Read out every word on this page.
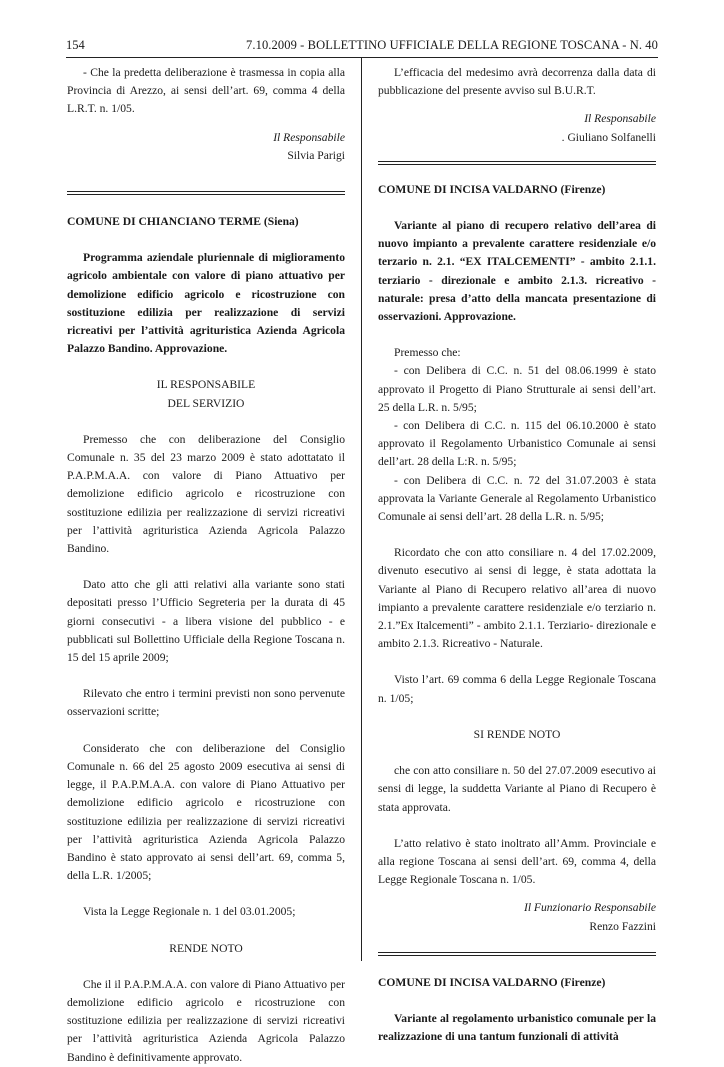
154	7.10.2009 - BOLLETTINO UFFICIALE DELLA REGIONE TOSCANA - N. 40

- Che la predetta deliberazione è trasmessa in copia alla Provincia di Arezzo, ai sensi dell’art. 69, comma 4 della L.R.T. n. 1/05.

Il Responsabile

Silvia Parigi

COMUNE DI CHIANCIANO TERME (Siena)

Programma aziendale pluriennale di miglioramento agricolo ambientale con valore di piano attuativo per demolizione edificio agricolo e ricostruzione con sostituzione edilizia per realizzazione di servizi ricreativi per l’attività agrituristica Azienda Agricola Palazzo Bandino. Approvazione.

IL RESPONSABILE

DEL SERVIZIO

Premesso che con deliberazione del Consiglio Comunale n. 35 del 23 marzo 2009 è stato adottatato il P.A.P.M.A.A. con valore di Piano Attuativo per demolizione edificio agricolo e ricostruzione con sostituzione edilizia per realizzazione di servizi ricreativi per l’attività agrituristica Azienda Agricola Palazzo Bandino.

Dato atto che gli atti relativi alla variante sono stati depositati presso l’Ufficio Segreteria per la durata di 45 giorni consecutivi - a libera visione del pubblico - e pubblicati sul Bollettino Ufficiale della Regione Toscana n. 15 del 15 aprile 2009;

Rilevato che entro i termini previsti non sono pervenute osservazioni scritte;

Considerato che con deliberazione del Consiglio Comunale n. 66 del 25 agosto 2009 esecutiva ai sensi di legge, il P.A.P.M.A.A. con valore di Piano Attuativo per demolizione edificio agricolo e ricostruzione con sostituzione edilizia per realizzazione di servizi ricreativi per l’attività agrituristica Azienda Agricola Palazzo Bandino è stato approvato ai sensi dell’art. 69, comma 5, della L.R. 1/2005;

Vista la Legge Regionale n. 1 del 03.01.2005;

RENDE NOTO

Che il il P.A.P.M.A.A. con valore di Piano Attuativo per demolizione edificio agricolo e ricostruzione con sostituzione edilizia per realizzazione di servizi ricreativi per l’attività agrituristica Azienda Agricola Palazzo Bandino è definitivamente approvato.

L’efficacia del medesimo avrà decorrenza dalla data di pubblicazione del presente avviso sul B.U.R.T.

Il Responsabile

. Giuliano Solfanelli

COMUNE DI INCISA VALDARNO (Firenze)

Variante al piano di recupero relativo dell’area di nuovo impianto a prevalente carattere residenziale e/o terzario n. 2.1. “EX ITALCEMENTI” - ambito 2.1.1. terziario - direzionale e ambito 2.1.3. ricreativo - naturale: presa d’atto della mancata presentazione di osservazioni. Approvazione.

Premesso che:

- con Delibera di C.C. n. 51 del 08.06.1999 è stato approvato il Progetto di Piano Strutturale ai sensi dell’art. 25 della L.R. n. 5/95;

- con Delibera di C.C. n. 115 del 06.10.2000 è stato approvato il Regolamento Urbanistico Comunale ai sensi dell’art. 28 della L:R. n. 5/95;

- con Delibera di C.C. n. 72 del 31.07.2003 è stata approvata la Variante Generale al Regolamento Urbanistico Comunale ai sensi dell’art. 28 della L.R. n. 5/95;

Ricordato che con atto consiliare n. 4 del 17.02.2009, divenuto esecutivo ai sensi di legge, è stata adottata la Variante al Piano di Recupero relativo all’area di nuovo impianto a prevalente carattere residenziale e/o terziario n. 2.1.”Ex Italcementi” - ambito 2.1.1. Terziario- direzionale e ambito 2.1.3. Ricreativo - Naturale.

Visto l’art. 69 comma 6 della Legge Regionale Toscana n. 1/05;

SI RENDE NOTO

che con atto consiliare n. 50 del 27.07.2009 esecutivo ai sensi di legge, la suddetta Variante al Piano di Recupero è stata approvata.

L’atto relativo è stato inoltrato all’Amm. Provinciale e alla regione Toscana ai sensi dell’art. 69, comma 4, della Legge Regionale Toscana n. 1/05.

Il Funzionario Responsabile

Renzo Fazzini

COMUNE DI INCISA VALDARNO (Firenze)

Variante al regolamento urbanistico comunale per la realizzazione di una tantum funzionali di attività
